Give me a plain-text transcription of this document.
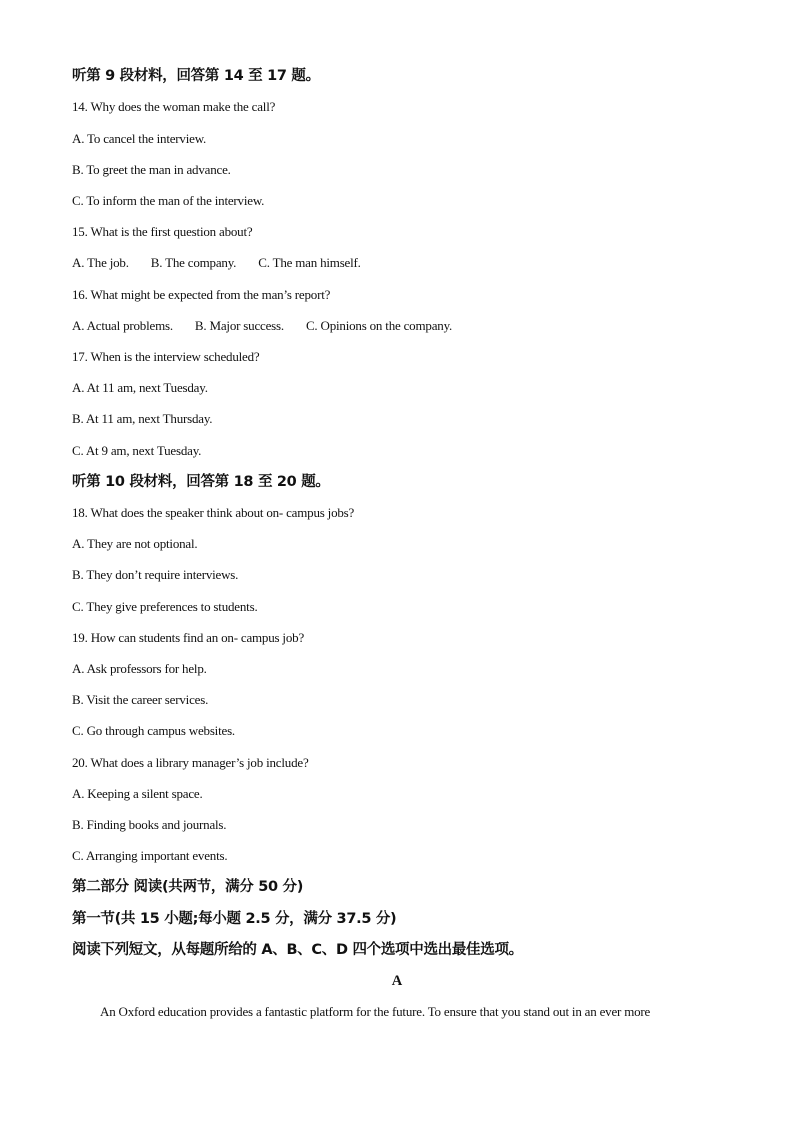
听第 9 段材料，回答第 14 至 17 题。
14. Why does the woman make the call?
A. To cancel the interview.
B. To greet the man in advance.
C. To inform the man of the interview.
15. What is the first question about?
A. The job. B. The company. C. The man himself.
16. What might be expected from the man’s report?
A. Actual problems. B. Major success. C. Opinions on the company.
17. When is the interview scheduled?
A. At 11 am, next Tuesday.
B. At 11 am, next Thursday.
C. At 9 am, next Tuesday.
听第 10 段材料，回答第 18 至 20 题。
18. What does the speaker think about on- campus jobs?
A. They are not optional.
B. They don’t require interviews.
C. They give preferences to students.
19. How can students find an on- campus job?
A. Ask professors for help.
B. Visit the career services.
C. Go through campus websites.
20. What does a library manager’s job include?
A. Keeping a silent space.
B. Finding books and journals.
C. Arranging important events.
第二部分 阅读(共两节，满分 50 分)
第一节(共 15 小题;每小题 2.5 分，满分 37.5 分)
阅读下列短文，从每题所给的 A、B、C、D 四个选项中选出最佳选项。
A
An Oxford education provides a fantastic platform for the future. To ensure that you stand out in an ever more
